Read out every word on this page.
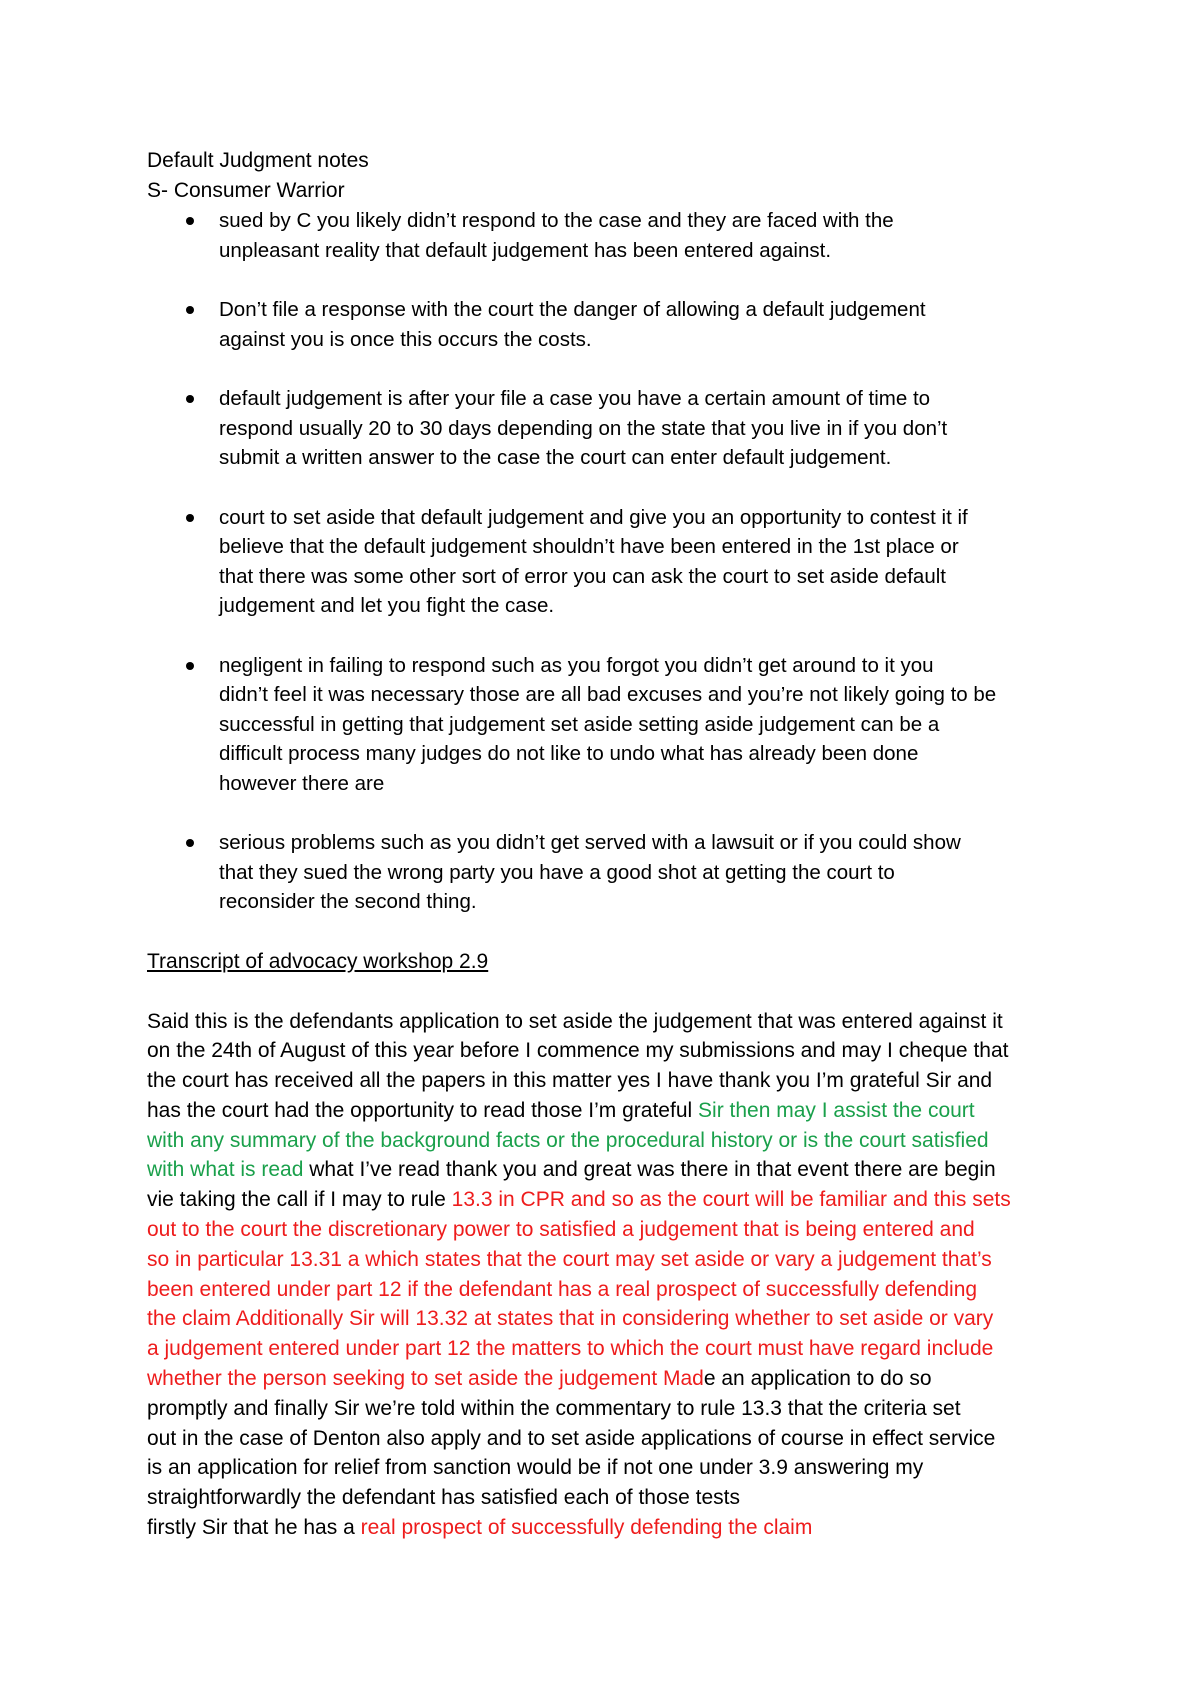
Default Judgment notes
S- Consumer Warrior
sued by C you likely didn’t respond to the case and they are faced with the
unpleasant reality that default judgement has been entered against.
Don’t file a response with the court the danger of allowing a default judgement
against you is once this occurs the costs.
default judgement is after your file a case you have a certain amount of time to
respond usually 20 to 30 days depending on the state that you live in if you don’t
submit a written answer to the case the court can enter default judgement.
court to set aside that default judgement and give you an opportunity to contest it if
believe that the default judgement shouldn’t have been entered in the 1st place or
that there was some other sort of error you can ask the court to set aside default
judgement and let you fight the case.
negligent in failing to respond such as you forgot you didn’t get around to it you
didn’t feel it was necessary those are all bad excuses and you’re not likely going to be
successful in getting that judgement set aside setting aside judgement can be a
difficult process many judges do not like to undo what has already been done
however there are
serious problems such as you didn’t get served with a lawsuit or if you could show
that they sued the wrong party you have a good shot at getting the court to
reconsider the second thing.
Transcript of advocacy workshop 2.9
Said this is the defendants application to set aside the judgement that was entered against it
on the 24th of August of this year before I commence my submissions and may I cheque that
the court has received all the papers in this matter yes I have thank you I’m grateful Sir and
has the court had the opportunity to read those I’m grateful Sir then may I assist the court
with any summary of the background facts or the procedural history or is the court satisfied
with what is read what I’ve read thank you and great was there in that event there are begin
vie taking the call if I may to rule 13.3 in CPR and so as the court will be familiar and this sets
out to the court the discretionary power to satisfied a judgement that is being entered and
so in particular 13.31 a which states that the court may set aside or vary a judgement that’s
been entered under part 12 if the defendant has a real prospect of successfully defending
the claim Additionally Sir will 13.32 at states that in considering whether to set aside or vary
a judgement entered under part 12 the matters to which the court must have regard include
whether the person seeking to set aside the judgement Made an application to do so
promptly and finally Sir we’re told within the commentary to rule 13.3 that the criteria set
out in the case of Denton also apply and to set aside applications of course in effect service
is an application for relief from sanction would be if not one under 3.9 answering my
straightforwardly the defendant has satisfied each of those tests
firstly Sir that he has a real prospect of successfully defending the claim
